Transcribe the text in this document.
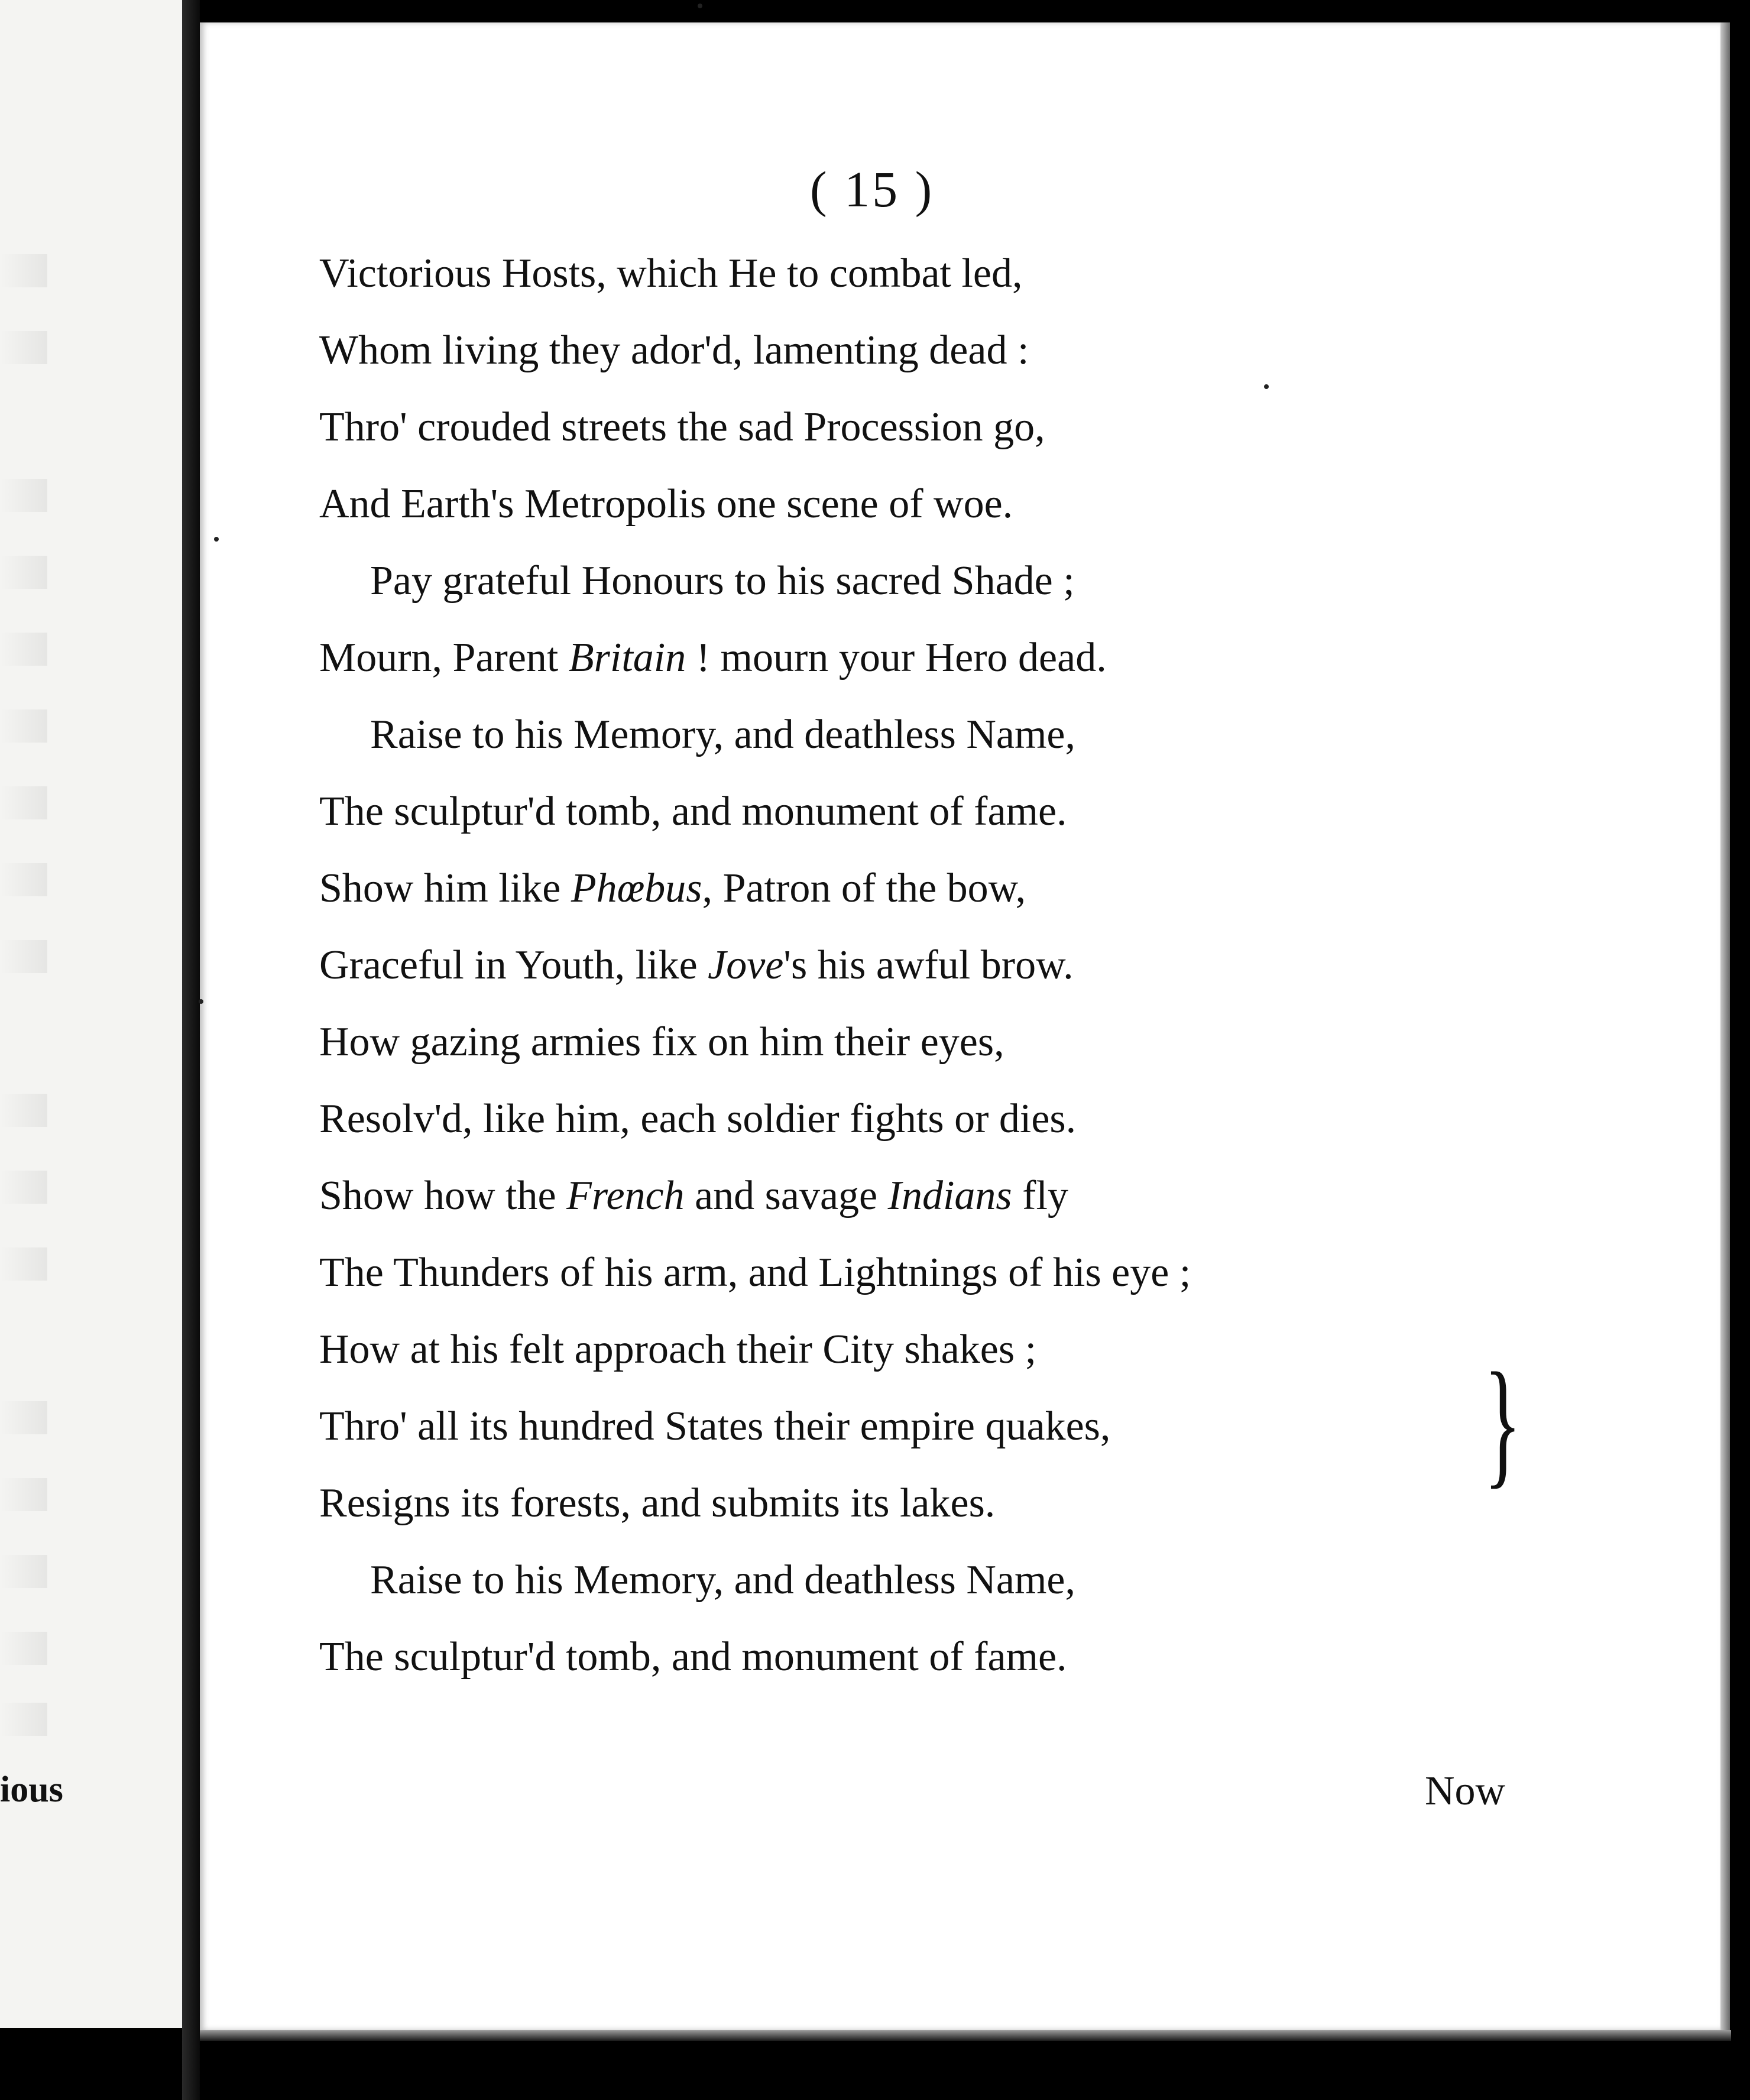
ious
( 15 )
Victorious Hosts, which He to combat led,
Whom living they ador'd, lamenting dead :
Thro' crouded streets the sad Procession go,
And Earth's Metropolis one scene of woe.
Pay grateful Honours to his sacred Shade ;
Mourn, Parent Britain ! mourn your Hero dead.
Raise to his Memory, and deathless Name,
The sculptur'd tomb, and monument of fame.
Show him like Phœbus, Patron of the bow,
Graceful in Youth, like Jove's his awful brow.
How gazing armies fix on him their eyes,
Resolv'd, like him, each soldier fights or dies.
Show how the French and savage Indians fly
The Thunders of his arm, and Lightnings of his eye ;
How at his felt approach their City shakes ;
Thro' all its hundred States their empire quakes,
Resigns its forests, and submits its lakes.
Raise to his Memory, and deathless Name,
The sculptur'd tomb, and monument of fame.
}
Now
